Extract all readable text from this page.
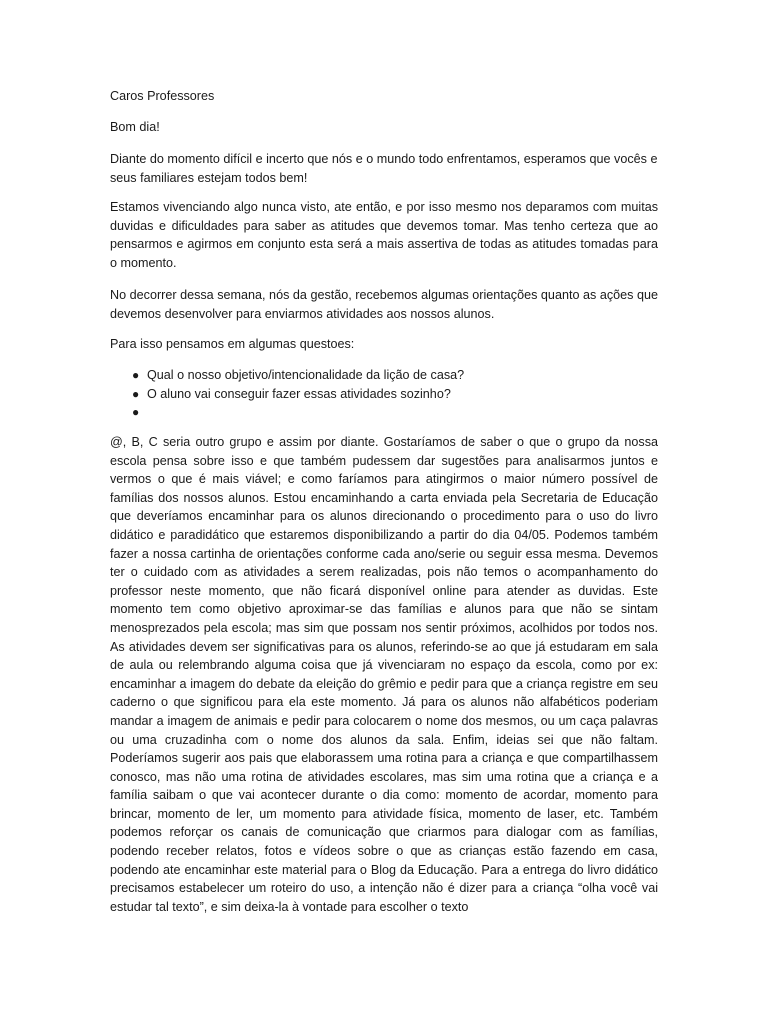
Caros Professores

Bom dia!

Diante do momento difícil e incerto que nós e o mundo todo enfrentamos, esperamos que vocês e seus familiares estejam todos bem!

Estamos vivenciando algo nunca visto, ate então, e por isso mesmo nos deparamos com muitas duvidas e dificuldades para saber as atitudes que devemos tomar. Mas tenho certeza que ao pensarmos e agirmos em conjunto esta será a mais assertiva de todas as atitudes tomadas para o momento.

No decorrer dessa semana, nós da gestão, recebemos algumas orientações quanto as ações que devemos desenvolver para enviarmos atividades aos nossos alunos.

Para isso pensamos em algumas questoes:

● Qual o nosso objetivo/intencionalidade da lição de casa?
● O aluno vai conseguir fazer essas atividades sozinho?
●

@, B, C seria outro grupo e assim por diante. Gostaríamos de saber o que o grupo da nossa escola pensa sobre isso e que também pudessem dar sugestões para analisarmos juntos e vermos o que é mais viável; e como faríamos para atingirmos o maior número possível de famílias dos nossos alunos. Estou encaminhando a carta enviada pela Secretaria de Educação que deveríamos encaminhar para os alunos direcionando o procedimento para o uso do livro didático e paradidático que estaremos disponibilizando a partir do dia 04/05. Podemos também fazer a nossa cartinha de orientações conforme cada ano/serie ou seguir essa mesma. Devemos ter o cuidado com as atividades a serem realizadas, pois não temos o acompanhamento do professor neste momento, que não ficará disponível online para atender as duvidas. Este momento tem como objetivo aproximar-se das famílias e alunos para que não se sintam menosprezados pela escola; mas sim que possam nos sentir próximos, acolhidos por todos nos. As atividades devem ser significativas para os alunos, referindo-se ao que já estudaram em sala de aula ou relembrando alguma coisa que já vivenciaram no espaço da escola, como por ex: encaminhar a imagem do debate da eleição do grêmio e pedir para que a criança registre em seu caderno o que significou para ela este momento. Já para os alunos não alfabéticos poderiam mandar a imagem de animais e pedir para colocarem o nome dos mesmos, ou um caça palavras ou uma cruzadinha com o nome dos alunos da sala. Enfim, ideias sei que não faltam. Poderíamos sugerir aos pais que elaborassem uma rotina para a criança e que compartilhassem conosco, mas não uma rotina de atividades escolares, mas sim uma rotina que a criança e a família saibam o que vai acontecer durante o dia como: momento de acordar, momento para brincar, momento de ler, um momento para atividade física, momento de laser, etc. Também podemos reforçar os canais de comunicação que criarmos para dialogar com as famílias, podendo receber relatos, fotos e vídeos sobre o que as crianças estão fazendo em casa, podendo ate encaminhar este material para o Blog da Educação. Para a entrega do livro didático precisamos estabelecer um roteiro do uso, a intenção não é dizer para a criança “olha você vai estudar tal texto”, e sim deixa-la à vontade para escolher o texto
